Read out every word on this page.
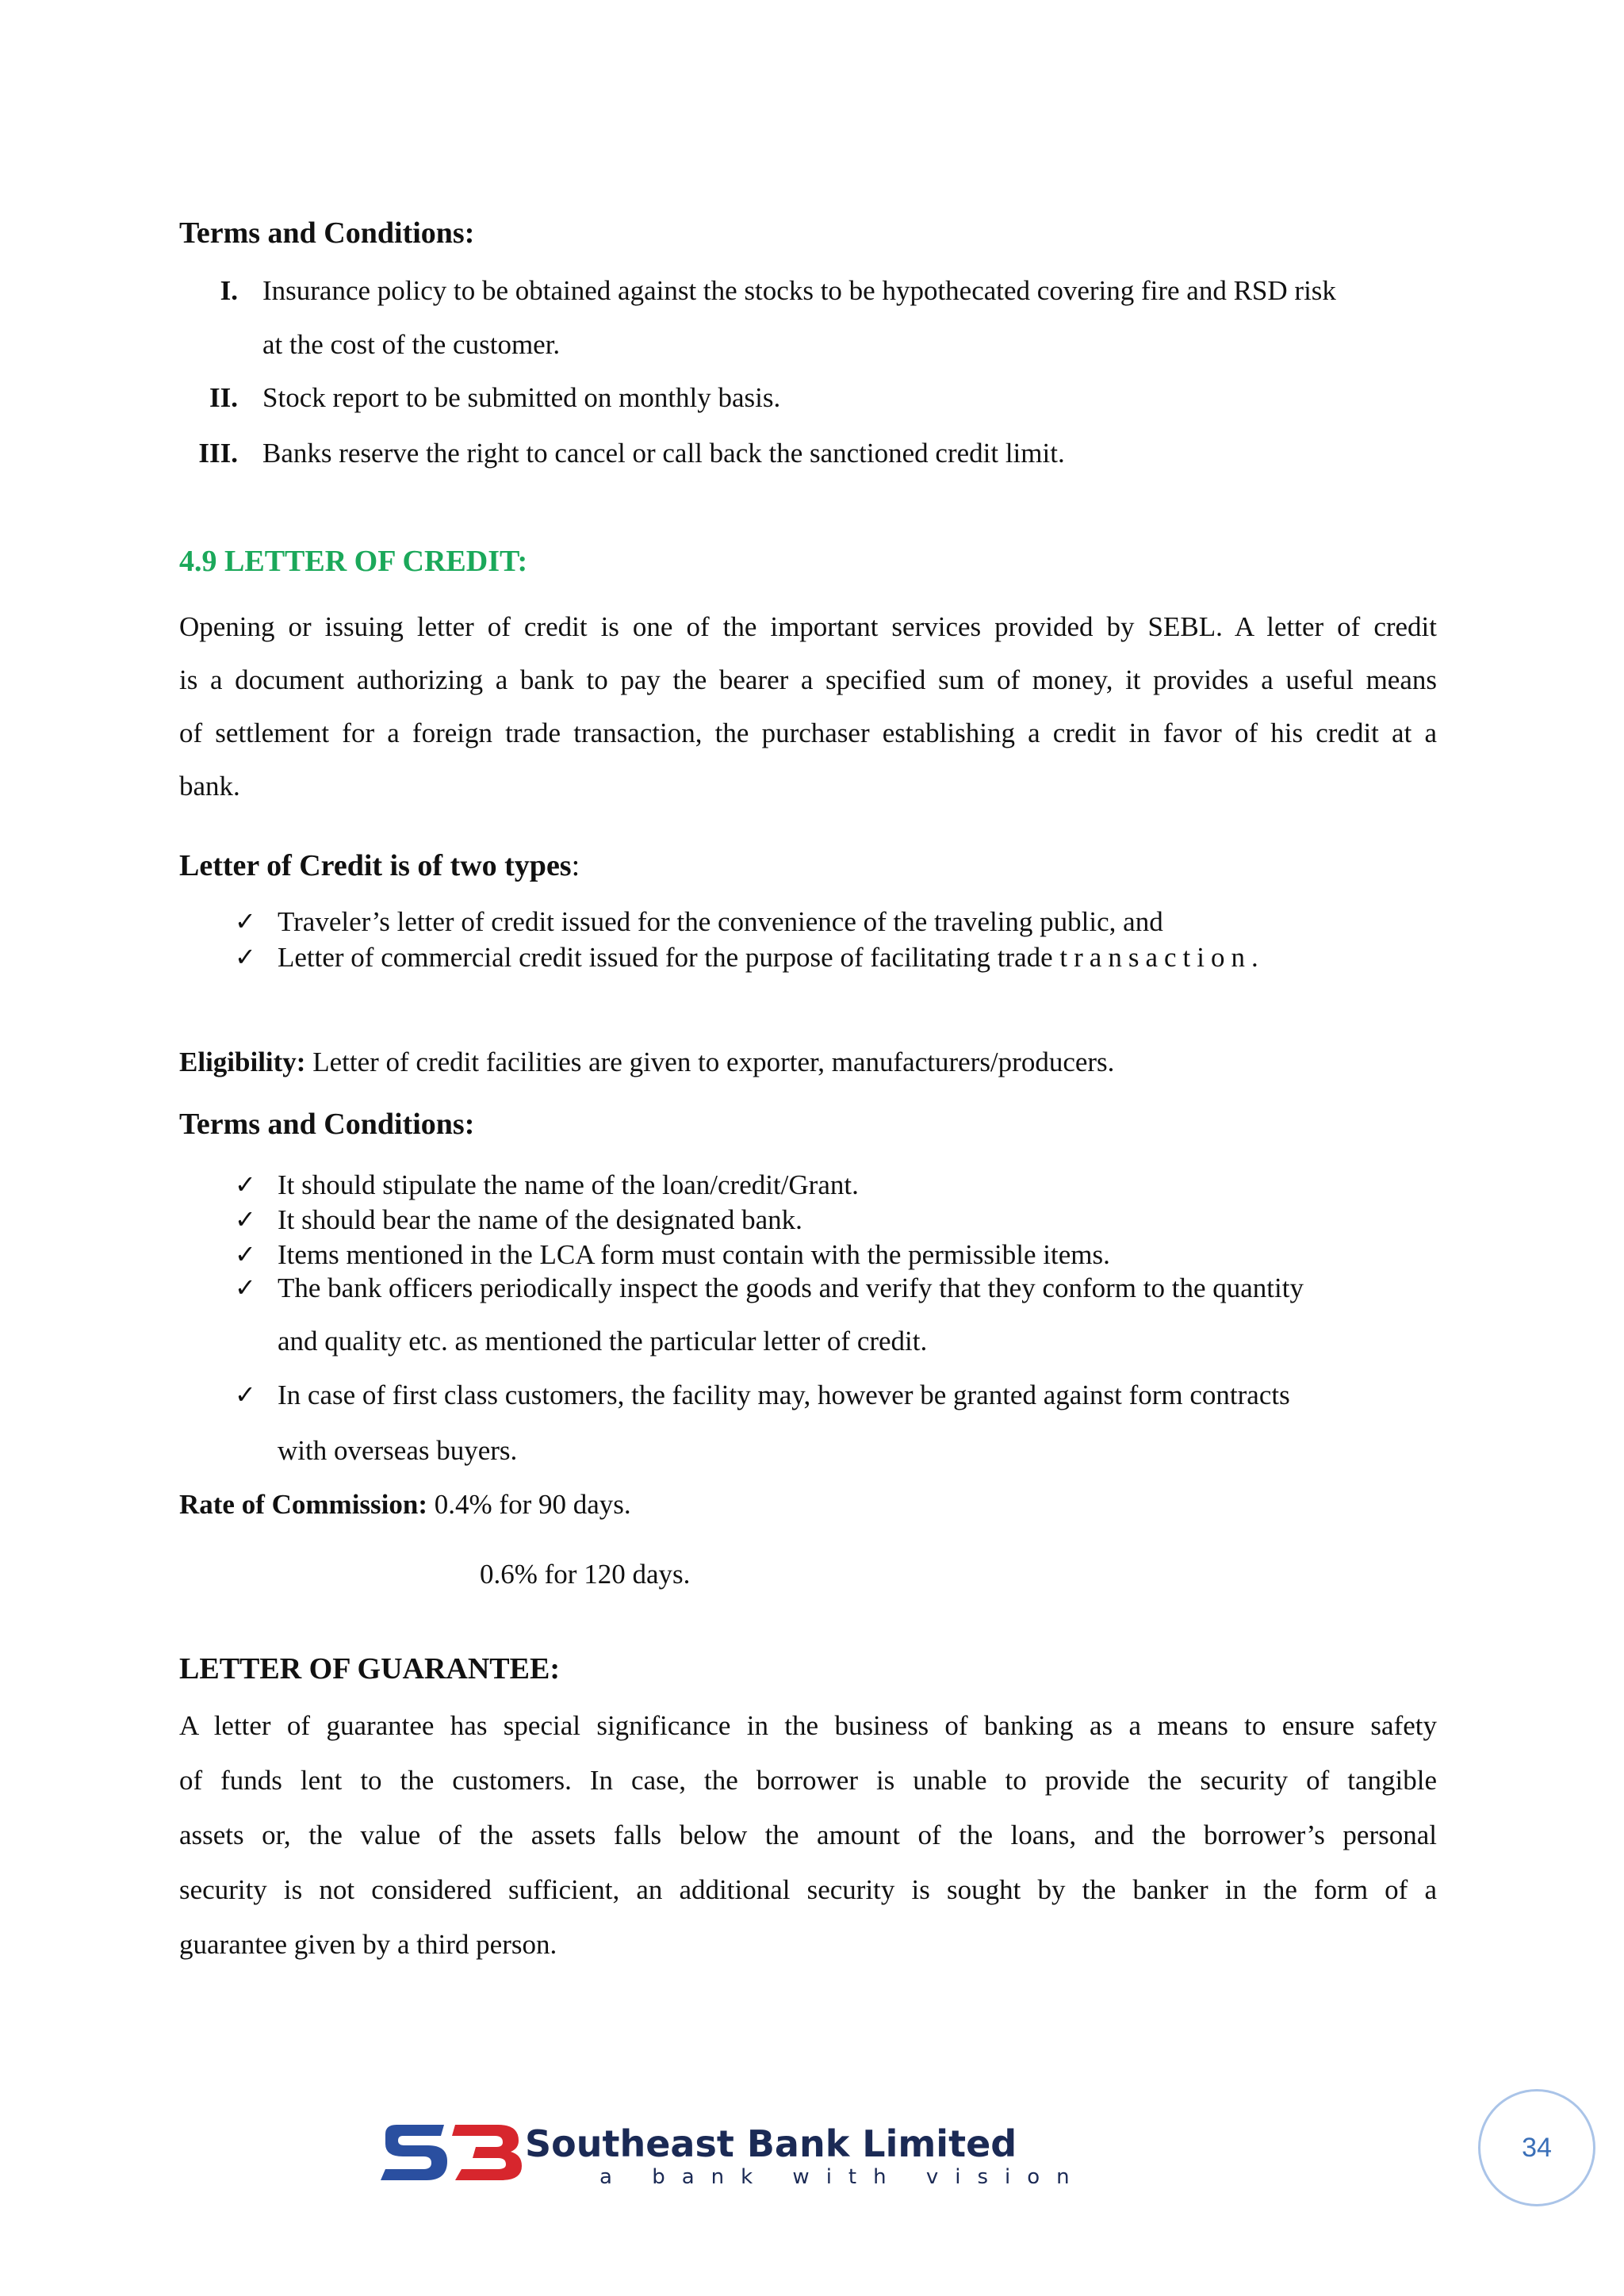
Terms and Conditions:
I. Insurance policy to be obtained against the stocks to be hypothecated covering fire and RSD risk
at the cost of the customer.
II. Stock report to be submitted on monthly basis.
III. Banks reserve the right to cancel or call back the sanctioned credit limit.
4.9 LETTER OF CREDIT:
Opening or issuing letter of credit is one of the important services provided by SEBL. A letter of credit
is a document authorizing a bank to pay the bearer a specified sum of money, it provides a useful means
of settlement for a foreign trade transaction, the purchaser establishing a credit in favor of his credit at a
bank.
Letter of Credit is of two types:
✓ Traveler’s letter of credit issued for the convenience of the traveling public, and
✓ Letter of commercial credit issued for the purpose of facilitating trade transaction.
Eligibility: Letter of credit facilities are given to exporter, manufacturers/producers.
Terms and Conditions:
✓ It should stipulate the name of the loan/credit/Grant.
✓ It should bear the name of the designated bank.
✓ Items mentioned in the LCA form must contain with the permissible items.
✓ The bank officers periodically inspect the goods and verify that they conform to the quantity
and quality etc. as mentioned the particular letter of credit.
✓ In case of first class customers, the facility may, however be granted against form contracts
with overseas buyers.
Rate of Commission: 0.4% for 90 days.
0.6% for 120 days.
LETTER OF GUARANTEE:
A letter of guarantee has special significance in the business of banking as a means to ensure safety
of funds lent to the customers. In case, the borrower is unable to provide the security of tangible
assets or, the value of the assets falls below the amount of the loans, and the borrower’s personal
security is not considered sufficient, an additional security is sought by the banker in the form of a
guarantee given by a third person.
Southeast Bank Limited
a bank with vision
34
